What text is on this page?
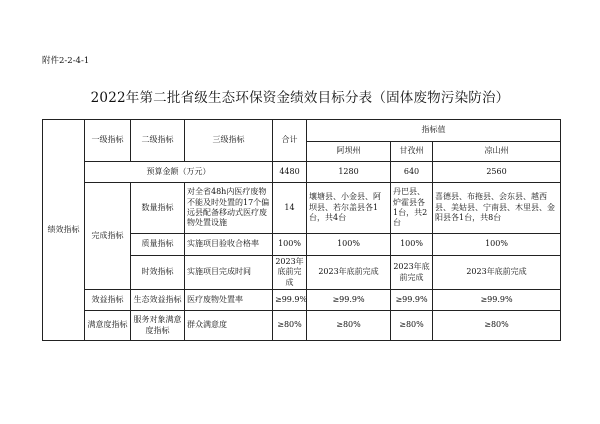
附件2-2-4-1
2022年第二批省级生态环保资金绩效目标分表（固体废物污染防治）
绩效指标	一级指标	二级指标	三级指标	合计	指标值		
					阿坝州	甘孜州	凉山州
	预算金额（万元）			4480	1280	640	2560
	完成指标	数量指标	对全省48h内医疗废物不能及时处置的17个偏远县配备移动式医疗废物处置设施	14	壤塘县、小金县、阿坝县、若尔盖县各1台，共4台	丹巴县、炉霍县各1台，共2台	喜德县、布拖县、会东县、越西县、美姑县、宁南县、木里县、金阳县各1台，共8台
		质量指标	实施项目验收合格率	100%	100%	100%	100%
		时效指标	实施项目完成时间	2023年底前完成	2023年底前完成	2023年底前完成	2023年底前完成
	效益指标	生态效益指标	医疗废物处置率	≥99.9%	≥99.9%	≥99.9%	≥99.9%
	满意度指标	服务对象满意度指标	群众满意度	≥80%	≥80%	≥80%	≥80%
